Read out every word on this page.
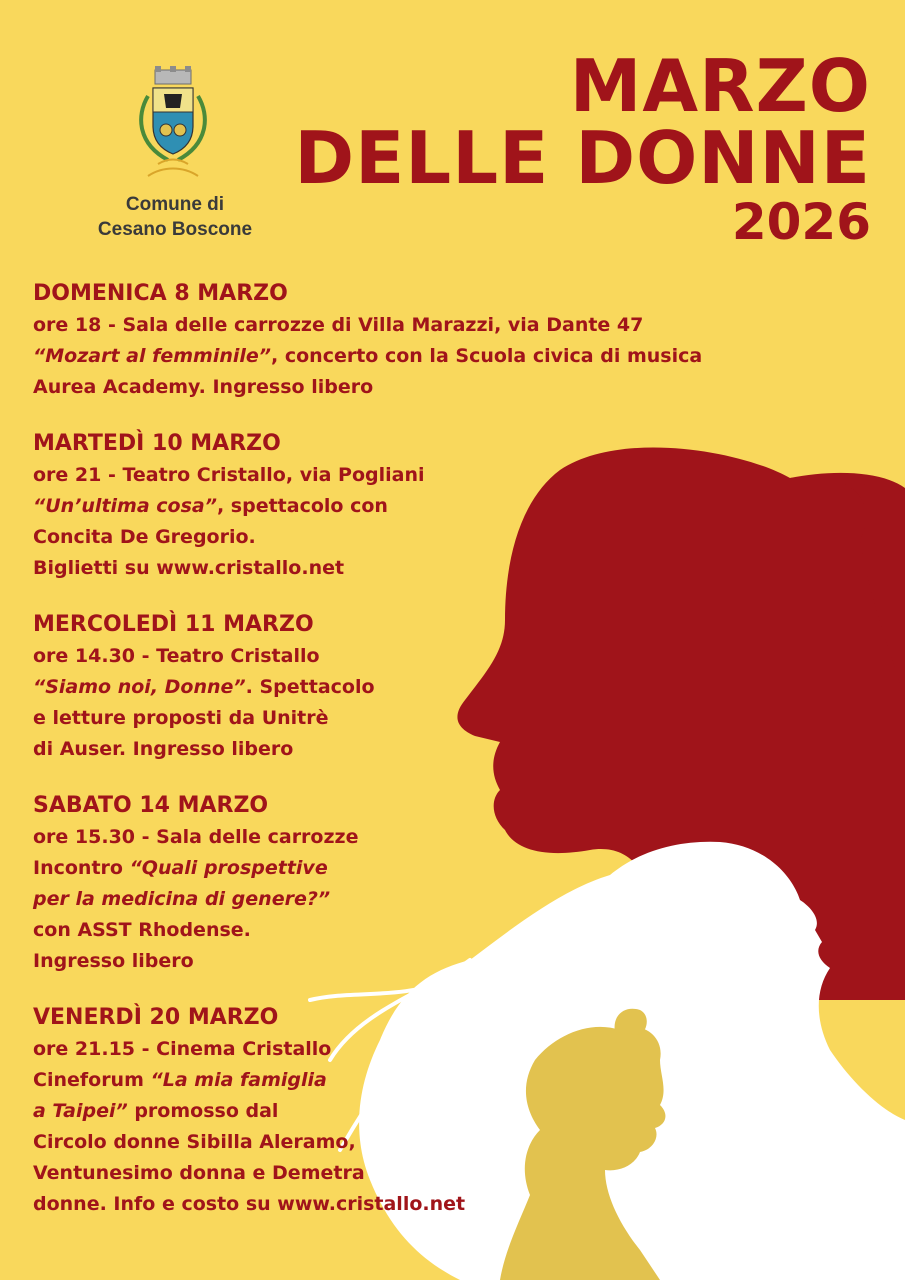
Comune di
Cesano Boscone
MARZO
DELLE DONNE
2026
DOMENICA 8 MARZO

ore 18 - Sala delle carrozze di Villa Marazzi, via Dante 47

“Mozart al femminile”, concerto con la Scuola civica di musica

Aurea Academy. Ingresso libero

MARTEDÌ 10 MARZO

ore 21 - Teatro Cristallo, via Pogliani

“Un’ultima cosa”, spettacolo con

Concita De Gregorio.

Biglietti su www.cristallo.net

MERCOLEDÌ 11 MARZO

ore 14.30 - Teatro Cristallo

“Siamo noi, Donne”. Spettacolo

e letture proposti da Unitrè

di Auser. Ingresso libero

SABATO 14 MARZO

ore 15.30 - Sala delle carrozze

Incontro “Quali prospettive

per la medicina di genere?”

con ASST Rhodense.

Ingresso libero

VENERDÌ 20 MARZO

ore 21.15 - Cinema Cristallo

Cineforum “La mia famiglia

a Taipei” promosso dal

Circolo donne Sibilla Aleramo,

Ventunesimo donna e Demetra

donne. Info e costo su www.cristallo.net
